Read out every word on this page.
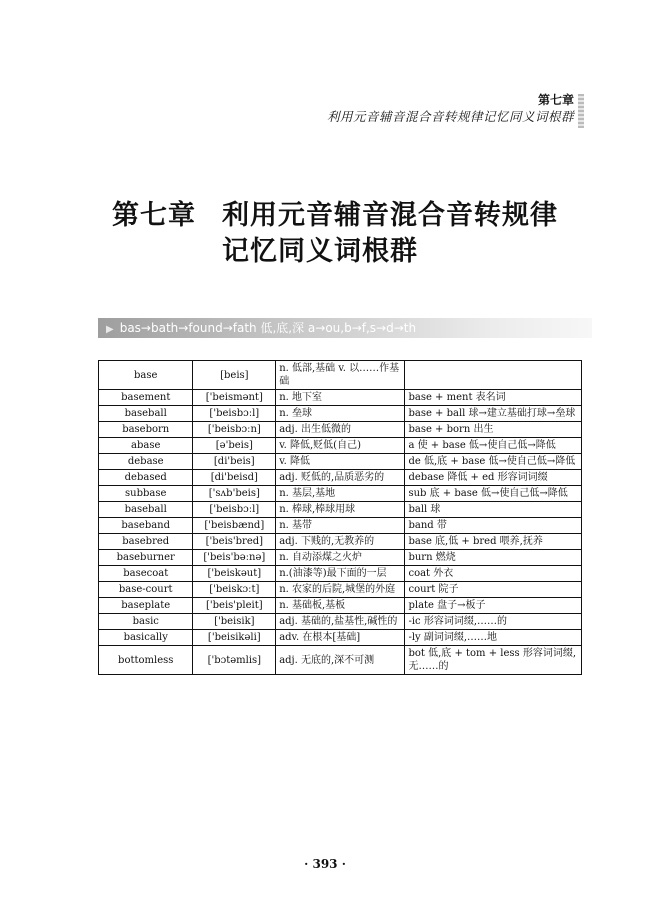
第七章
利用元音辅音混合音转规律记忆同义词根群
第七章 利用元音辅音混合音转规律
记忆同义词根群
▶ bas→bath→found→fath 低,底,深 a→ou,b→f,s→d→th
base	[beis]	n. 低部,基础 v. 以……作基础	
basement	['beismənt]	n. 地下室	base + ment 表名词
baseball	['beisbɔːl]	n. 垒球	base + ball 球→建立基础打球→垒球
baseborn	['beisbɔːn]	adj. 出生低微的	base + born 出生
abase	[ə'beis]	v. 降低,贬低(自己)	a 使 + base 低→使自己低→降低
debase	[di'beis]	v. 降低	de 低,底 + base 低→使自己低→降低
debased	[di'beisd]	adj. 贬低的,品质恶劣的	debase 降低 + ed 形容词词缀
subbase	['sʌb'beis]	n. 基层,基地	sub 底 + base 低→使自己低→降低
baseball	['beisbɔːl]	n. 棒球,棒球用球	ball 球
baseband	['beisbænd]	n. 基带	band 带
basebred	['beis'bred]	adj. 下贱的,无教养的	base 底,低 + bred 喂养,抚养
baseburner	['beis'bəːnə]	n. 自动添煤之火炉	burn 燃烧
basecoat	['beiskəut]	n.(油漆等)最下面的一层	coat 外衣
base-court	['beiskɔːt]	n. 农家的后院,城堡的外庭	court 院子
baseplate	['beis'pleit]	n. 基础板,基板	plate 盘子→板子
basic	['beisik]	adj. 基础的,盐基性,碱性的	-ic 形容词词缀,……的
basically	['beisikəli]	adv. 在根本[基础]	-ly 副词词缀,……地
bottomless	['bɔtəmlis]	adj. 无底的,深不可测	bot 低,底 + tom + less 形容词词缀,无……的
· 393 ·
